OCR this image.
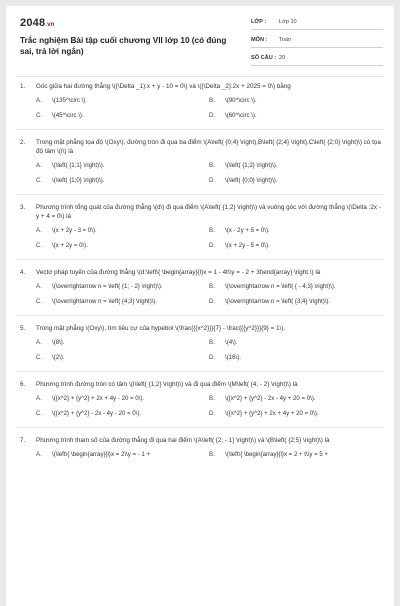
2048.vn
Trắc nghiệm Bài tập cuối chương VII lớp 10 (có đúng sai, trả lời ngắn)
LỚP :	Lớp 10
MÔN :	Toán
SỐ CÂU : 20
1.	Góc giữa hai đường thẳng \({\Delta _1}:x + y - 10 = 0\) và \({\Delta _2}:2x + 2025 = 0\) bằng
A.	\(135^\circ \).	B.	\(90^\circ \).
C.	\(45^\circ \).	D.	\(60^\circ \).
2.	Trong mặt phẳng tọa độ \(Oxy\), đường tròn đi qua ba điểm \(A\left( {0;4} \right),B\left( {2;4} \right),C\left( {2;0} \right)\) có tọa độ tâm \(I\) là
A.	\(\left( {1;1} \right)\).	B.	\(\left( {1;2} \right)\).
C.	\(\left( {1;0} \right)\).	D.	\(\left( {0;0} \right)\).
3.	Phương trình tổng quát của đường thẳng \(d\) đi qua điểm \(A\left( {1;2} \right)\) và vuông góc với đường thẳng \(\Delta :2x - y + 4 = 0\) là
A.	\(x + 2y - 3 = 0\).	B.	\(x - 2y + 5 = 0\).
C.	\(x + 2y = 0\).	D.	\(x + 2y - 5 = 0\).
4.	Vectơ pháp tuyến của đường thẳng \(d:\left\{ \begin{array}{l}x = 1 - 4t\\y = - 2 + 3t\end{array} \right.\) là
A.	\(\overrightarrow n = \left( {1; - 2} \right)\).	B.	\(\overrightarrow n = \left( { - 4;3} \right)\).
C.	\(\overrightarrow n = \left( {4;3} \right)\).	D.	\(\overrightarrow n = \left( {3;4} \right)\).
5.	Trong mặt phẳng \(Oxy\), tìm tiêu cự của hypebol \(\frac{{{x^2}}}{7} - \frac{{{y^2}}}{9} = 1\).
A.	\(8\).	B.	\(4\).
C.	\(2\).	D.	\(16\).
6.	Phương trình đường tròn có tâm \(I\left( {1;2} \right)\) và đi qua điểm \(M\left( {4; - 2} \right)\) là
A.	\({x^2} + {y^2} + 2x + 4y - 20 = 0\).	B.	\({x^2} + {y^2} - 2x - 4y + 20 = 0\).
C.	\({x^2} + {y^2} - 2x - 4y - 20 = 0\).	D.	\({x^2} + {y^2} + 2x + 4y + 20 = 0\).
7.	Phương trình tham số của đường thẳng đi qua hai điểm \(A\left( {2; - 1} \right)\) và \(B\left( {2;5} \right)\) là
A.	\(\left\{ \begin{array}{l}x = 2\\y = - 1 +	B.	\(\left\{ \begin{array}{l}x = 2 + t\\y = 5 +
